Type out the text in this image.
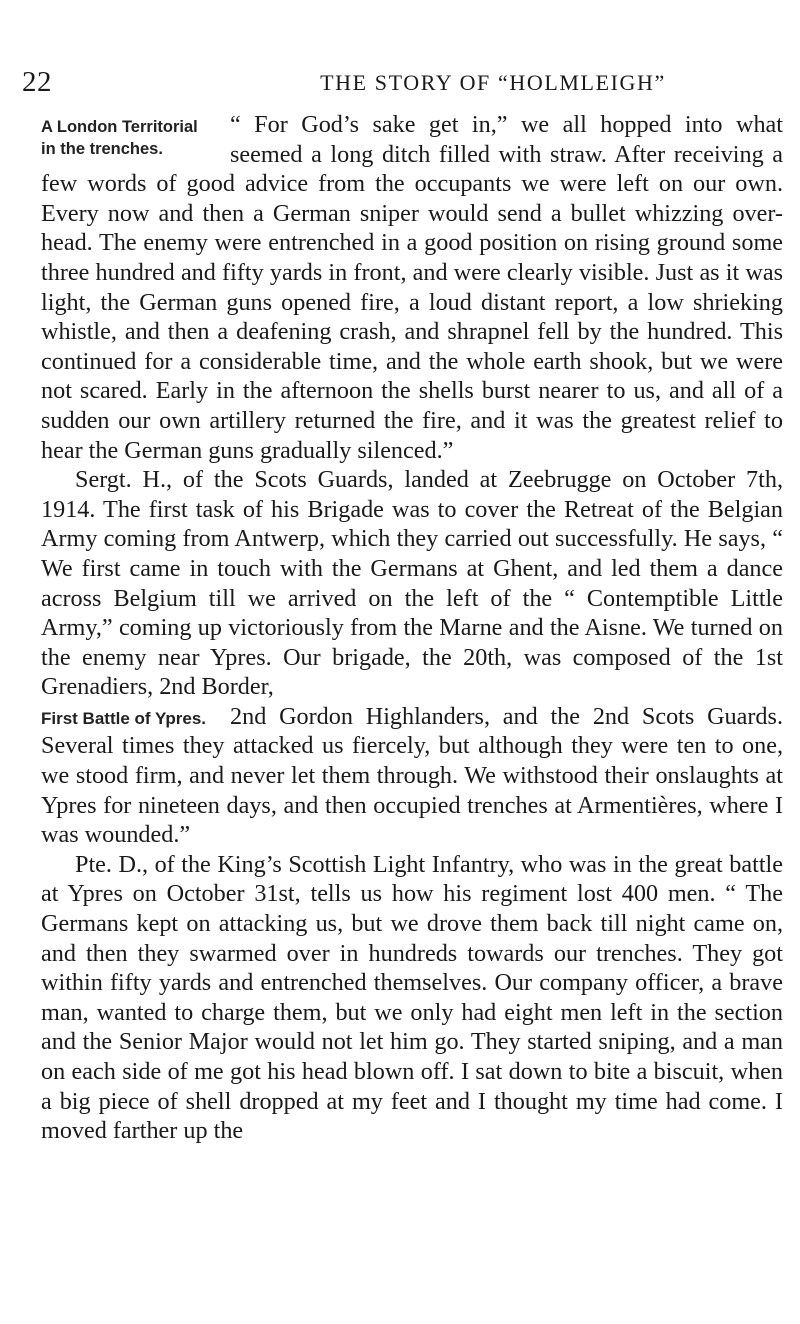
22	THE STORY OF “HOLMLEIGH”

A London Territorial in the trenches.
“ For God’s sake get in,” we all hopped into what seemed a long ditch filled with straw. After receiving a few words of good advice from the occupants we were left on our own. Every now and then a German sniper would send a bullet whizzing over-head. The enemy were entrenched in a good position on rising ground some three hundred and fifty yards in front, and were clearly visible. Just as it was light, the German guns opened fire, a loud distant report, a low shrieking whistle, and then a deafening crash, and shrapnel fell by the hundred. This continued for a considerable time, and the whole earth shook, but we were not scared. Early in the afternoon the shells burst nearer to us, and all of a sudden our own artillery returned the fire, and it was the greatest relief to hear the German guns gradually silenced.”

Sergt. H., of the Scots Guards, landed at Zeebrugge on October 7th, 1914. The first task of his Brigade was to cover the Retreat of the Belgian Army coming from Antwerp, which they carried out successfully. He says, “ We first came in touch with the Germans at Ghent, and led them a dance across Belgium till we arrived on the left of the “ Contemptible Little Army,” coming up victoriously from the Marne and the Aisne. We turned on the enemy near Ypres. Our brigade, the 20th, was composed of the 1st Grenadiers, 2nd Border,

First Battle of Ypres. 2nd Gordon Highlanders, and the 2nd Scots Guards. Several times they attacked us fiercely, but although they were ten to one, we stood firm, and never let them through. We withstood their onslaughts at Ypres for nineteen days, and then occupied trenches at Armentières, where I was wounded.”

Pte. D., of the King’s Scottish Light Infantry, who was in the great battle at Ypres on October 31st, tells us how his regiment lost 400 men. “ The Germans kept on attacking us, but we drove them back till night came on, and then they swarmed over in hundreds towards our trenches. They got within fifty yards and entrenched themselves. Our company officer, a brave man, wanted to charge them, but we only had eight men left in the section and the Senior Major would not let him go. They started sniping, and a man on each side of me got his head blown off. I sat down to bite a biscuit, when a big piece of shell dropped at my feet and I thought my time had come. I moved farther up the
